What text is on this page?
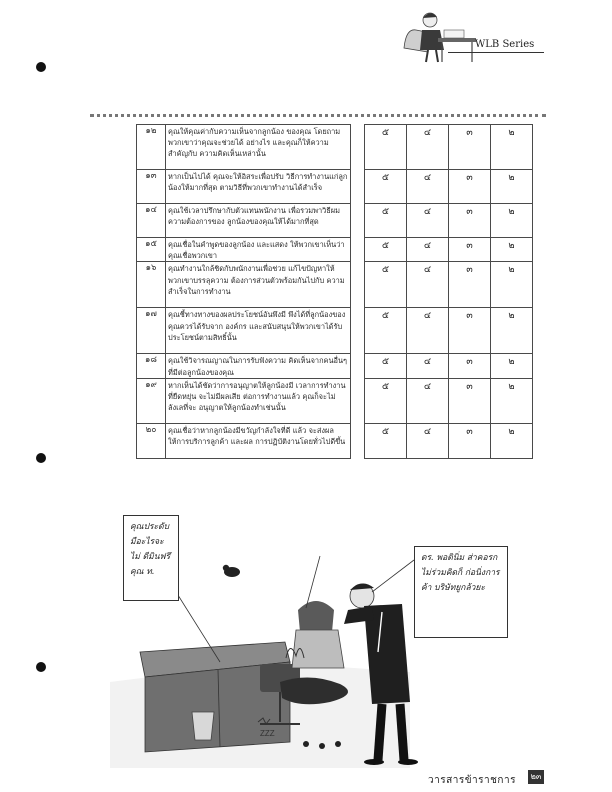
WLB Series
๑๒	คุณให้คุณค่ากับความเห็นจากลูกน้อง ของคุณ โดยถามพวกเขาว่าคุณจะช่วยได้ อย่างไร และคุณก็ให้ความสำคัญกับ ความคิดเห็นเหล่านั้น		๕	๔	๓	๒
๑๓	หากเป็นไปได้ คุณจะให้อิสระเพื่อปรับ วิธีการทำงานแก่ลูกน้องให้มากที่สุด ตามวิธีที่พวกเขาทำงานได้สำเร็จ		๕	๔	๓	๒
๑๔	คุณใช้เวลาปรึกษากับตัวแทนพนักงาน เพื่อรวมพาวิธีผมความต้องการของ ลูกน้องของคุณให้ได้มากที่สุด		๕	๔	๓	๒
๑๕	คุณเชื่อในคำพูดของลูกน้อง และแสดง ให้พวกเขาเห็นว่าคุณเชื่อพวกเขา		๕	๔	๓	๒
๑๖	คุณทำงานใกล้ชิดกับพนักงานเพื่อช่วย แก้ไขปัญหาให้พวกเขาบรรลุความ ต้องการส่วนตัวพร้อมกันไปกับ ความสำเร็จในการทำงาน		๕	๔	๓	๒
๑๗	คุณชี้ทางทางของผลประโยชน์อันพึงมี พึงได้ที่ลูกน้องของคุณควรได้รับจาก องค์กร และสนับสนุนให้พวกเขาได้รับ ประโยชน์ตามสิทธิ์นั้น		๕	๔	๓	๒
๑๘	คุณใช้วิจารณญาณในการรับฟังความ คิดเห็นจากคนอื่นๆ ที่มีต่อลูกน้องของคุณ		๕	๔	๓	๒
๑๙	หากเห็นได้ชัดว่าการอนุญาตให้ลูกน้องมี เวลาการทำงานที่ยืดหยุ่น จะไม่มีผลเสีย ต่อการทำงานแล้ว คุณก็จะไม่ลังเลที่จะ อนุญาตให้ลูกน้องทำเช่นนั้น		๕	๔	๓	๒
๒๐	คุณเชื่อว่าหากลูกน้องมีขวัญกำลังใจที่ดี แล้ว จะส่งผลให้การบริการลูกค้า และผล การปฏิบัติงานโดยทั่วไปดีขึ้น		๕	๔	๓	๒
ZZZ
คุณประดับ มือะไรจะไม่ ดีมินฟรึคุณ ท.
ดร. พอตินิ่ม ส่าคอรก ไม่ร่วมคิดก็ ก่อนิ่งการค้า บริษัทยูกล้วยะ
วารสารข้าราชการ	๒๓
